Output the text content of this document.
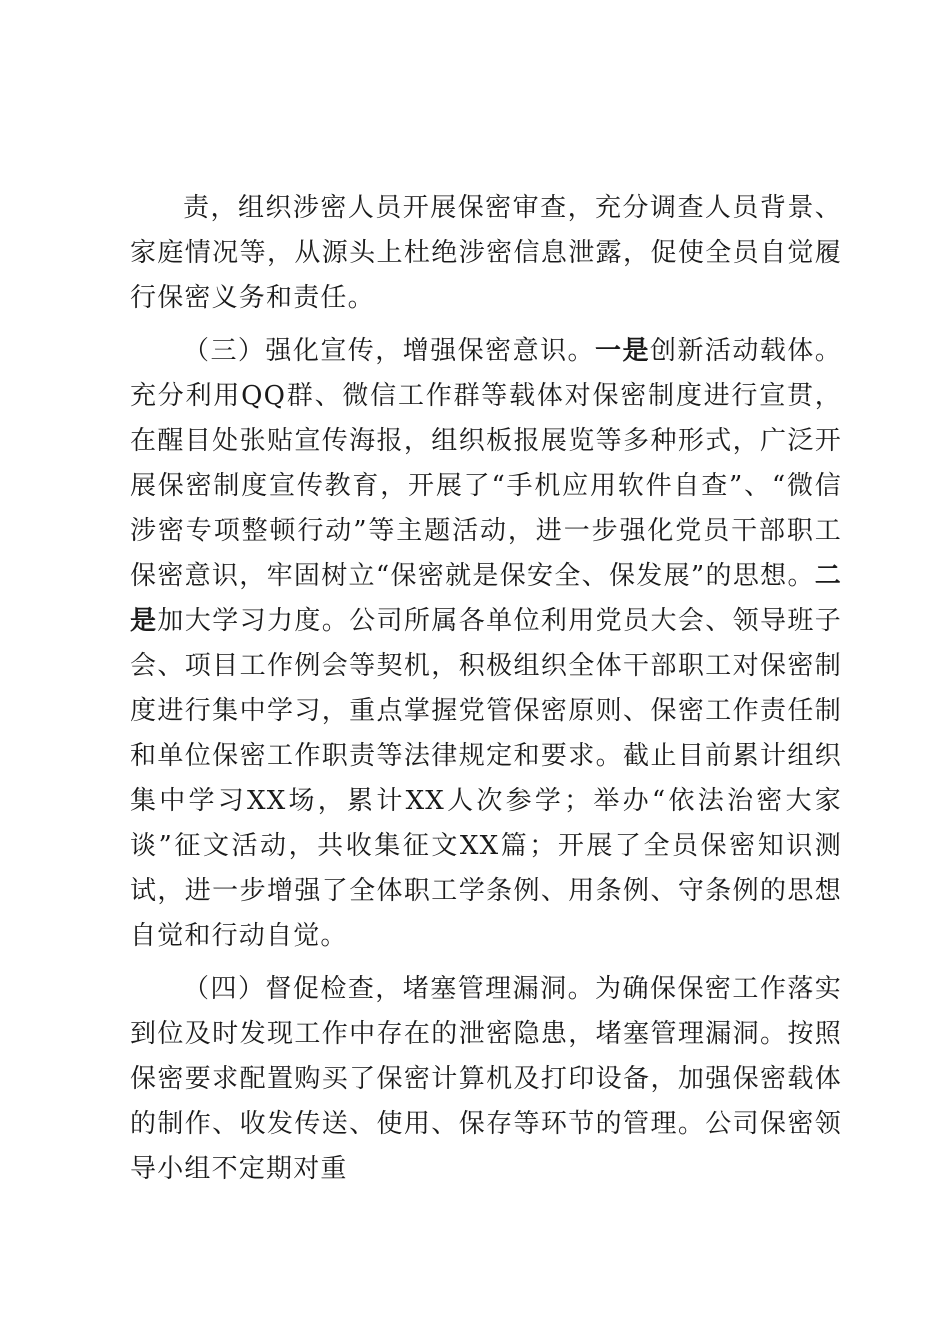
责，组织涉密人员开展保密审查，充分调查人员背景、家庭情况等，从源头上杜绝涉密信息泄露，促使全员自觉履行保密义务和责任。

（三）强化宣传，增强保密意识。一是创新活动载体。充分利用QQ群、微信工作群等载体对保密制度进行宣贯，在醒目处张贴宣传海报，组织板报展览等多种形式，广泛开展保密制度宣传教育，开展了“手机应用软件自查”、“微信涉密专项整顿行动”等主题活动，进一步强化党员干部职工保密意识，牢固树立“保密就是保安全、保发展”的思想。二是加大学习力度。公司所属各单位利用党员大会、领导班子会、项目工作例会等契机，积极组织全体干部职工对保密制度进行集中学习，重点掌握党管保密原则、保密工作责任制和单位保密工作职责等法律规定和要求。截止目前累计组织集中学习XX场，累计XX人次参学；举办“依法治密大家谈”征文活动，共收集征文XX篇；开展了全员保密知识测试，进一步增强了全体职工学条例、用条例、守条例的思想自觉和行动自觉。

（四）督促检查，堵塞管理漏洞。为确保保密工作落实到位及时发现工作中存在的泄密隐患，堵塞管理漏洞。按照保密要求配置购买了保密计算机及打印设备，加强保密载体的制作、收发传送、使用、保存等环节的管理。公司保密领导小组不定期对重
